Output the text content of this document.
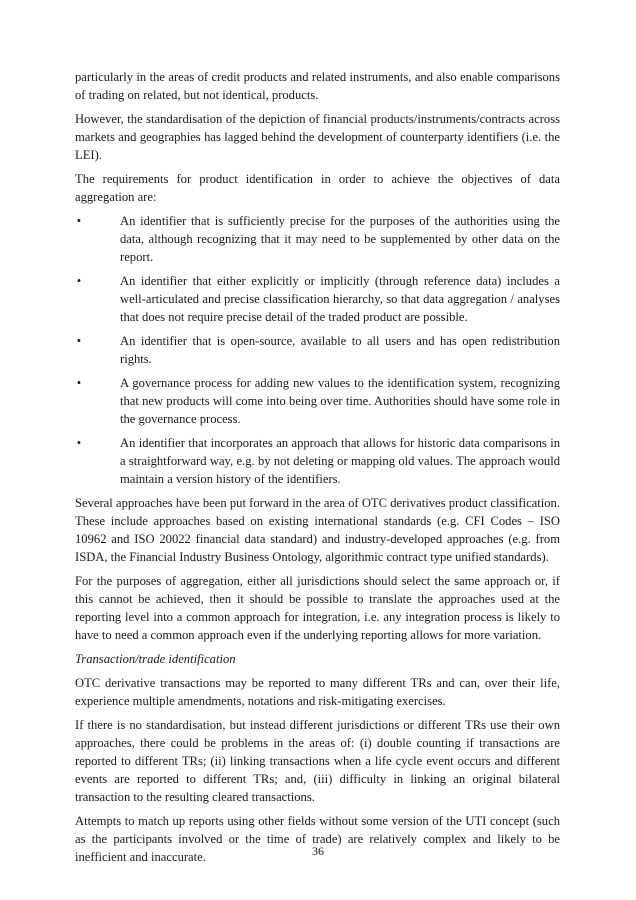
particularly in the areas of credit products and related instruments, and also enable comparisons of trading on related, but not identical, products.

However, the standardisation of the depiction of financial products/instruments/contracts across markets and geographies has lagged behind the development of counterparty identifiers (i.e. the LEI).

The requirements for product identification in order to achieve the objectives of data aggregation are:

•	An identifier that is sufficiently precise for the purposes of the authorities using the data, although recognizing that it may need to be supplemented by other data on the report.
•	An identifier that either explicitly or implicitly (through reference data) includes a well-articulated and precise classification hierarchy, so that data aggregation / analyses that does not require precise detail of the traded product are possible.
•	An identifier that is open-source, available to all users and has open redistribution rights.
•	A governance process for adding new values to the identification system, recognizing that new products will come into being over time. Authorities should have some role in the governance process.
•	An identifier that incorporates an approach that allows for historic data comparisons in a straightforward way, e.g. by not deleting or mapping old values. The approach would maintain a version history of the identifiers.

Several approaches have been put forward in the area of OTC derivatives product classification. These include approaches based on existing international standards (e.g. CFI Codes – ISO 10962 and ISO 20022 financial data standard) and industry-developed approaches (e.g. from ISDA, the Financial Industry Business Ontology, algorithmic contract type unified standards).

For the purposes of aggregation, either all jurisdictions should select the same approach or, if this cannot be achieved, then it should be possible to translate the approaches used at the reporting level into a common approach for integration, i.e. any integration process is likely to have to need a common approach even if the underlying reporting allows for more variation.

Transaction/trade identification

OTC derivative transactions may be reported to many different TRs and can, over their life, experience multiple amendments, notations and risk-mitigating exercises.

If there is no standardisation, but instead different jurisdictions or different TRs use their own approaches, there could be problems in the areas of: (i) double counting if transactions are reported to different TRs; (ii) linking transactions when a life cycle event occurs and different events are reported to different TRs; and, (iii) difficulty in linking an original bilateral transaction to the resulting cleared transactions.

Attempts to match up reports using other fields without some version of the UTI concept (such as the participants involved or the time of trade) are relatively complex and likely to be inefficient and inaccurate.	36
